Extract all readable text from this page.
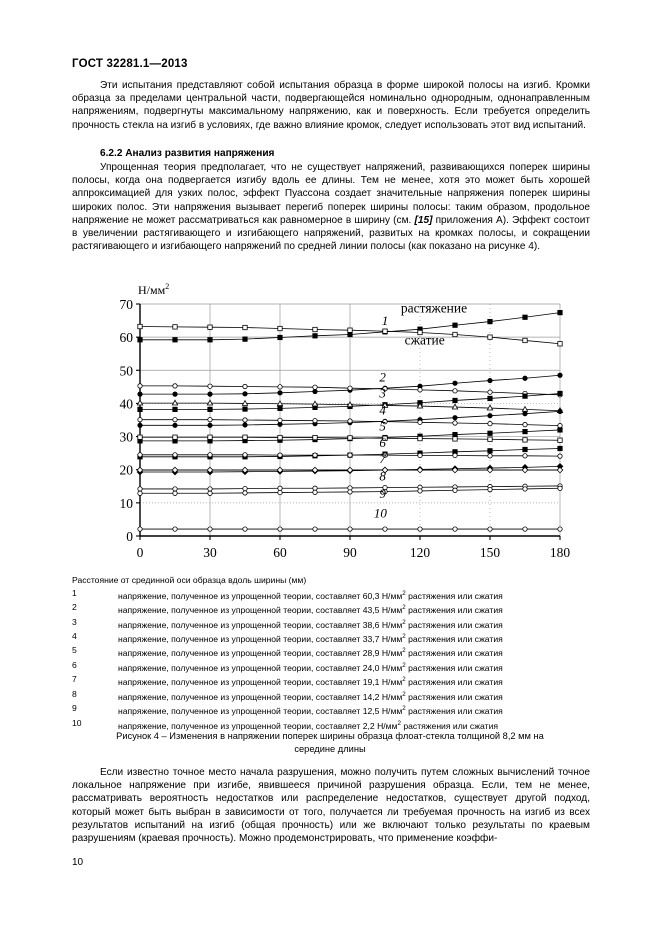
ГОСТ 32281.1—2013

Эти испытания представляют собой испытания образца в форме широкой полосы на изгиб. Кромки образца за пределами центральной части, подвергающейся номинально однородным, однонаправленным напряжениям, подвергнуты максимальному напряжению, как и поверхность. Если требуется определить прочность стекла на изгиб в условиях, где важно влияние кромок, следует использовать этот вид испытаний.

6.2.2 Анализ развития напряжения

Упрощенная теория предполагает, что не существует напряжений, развивающихся поперек ширины полосы, когда она подвергается изгибу вдоль ее длины. Тем не менее, хотя это может быть хорошей аппроксимацией для узких полос, эффект Пуассона создает значительные напряжения поперек ширины широких полос. Эти напряжения вызывает перегиб поперек ширины полосы: таким образом, продольное напряжение не может рассматриваться как равномерное в ширину (см. [15] приложения А). Эффект состоит в увеличении растягивающего и изгибающего напряжений, развитых на кромках полосы, и сокращении растягивающего и изгибающего напряжений по средней линии полосы (как показано на рисунке 4).

$Н/мм^2$
0
10
20
30
40
50
60
70
0	30	60	90	120	150	180
1
2
3
4
5
6
7
8
9
10
растяжение
сжатие
Расстояние от срединной оси образца вдоль ширины (мм)
1	напряжение, полученное из упрощенной теории, составляет 60,3 $Н/мм^2$ растяжения или сжатия
2	напряжение, полученное из упрощенной теории, составляет 43,5 $Н/мм^2$ растяжения или сжатия
3	напряжение, полученное из упрощенной теории, составляет 38,6 $Н/мм^2$ растяжения или сжатия
4	напряжение, полученное из упрощенной теории, составляет 33,7 $Н/мм^2$ растяжения или сжатия
5	напряжение, полученное из упрощенной теории, составляет 28,9 $Н/мм^2$ растяжения или сжатия
6	напряжение, полученное из упрощенной теории, составляет 24,0 $Н/мм^2$ растяжения или сжатия
7	напряжение, полученное из упрощенной теории, составляет 19,1 $Н/мм^2$ растяжения или сжатия
8	напряжение, полученное из упрощенной теории, составляет 14,2 $Н/мм^2$ растяжения или сжатия
9	напряжение, полученное из упрощенной теории, составляет 12,5 $Н/мм^2$ растяжения или сжатия
10	напряжение, полученное из упрощенной теории, составляет 2,2 $Н/мм^2$ растяжения или сжатия
Рисунок 4 – Изменения в напряжении поперек ширины образца флоат-стекла толщиной 8,2 мм на середине длины

Если известно точное место начала разрушения, можно получить путем сложных вычислений точное локальное напряжение при изгибе, явившееся причиной разрушения образца. Если, тем не менее, рассматривать вероятность недостатков или распределение недостатков, существует другой подход, который может быть выбран в зависимости от того, получается ли требуемая прочность на изгиб из всех результатов испытаний на изгиб (общая прочность) или же включают только результаты по краевым разрушениям (краевая прочность). Можно продемонстрировать, что применение коэффи-

10
